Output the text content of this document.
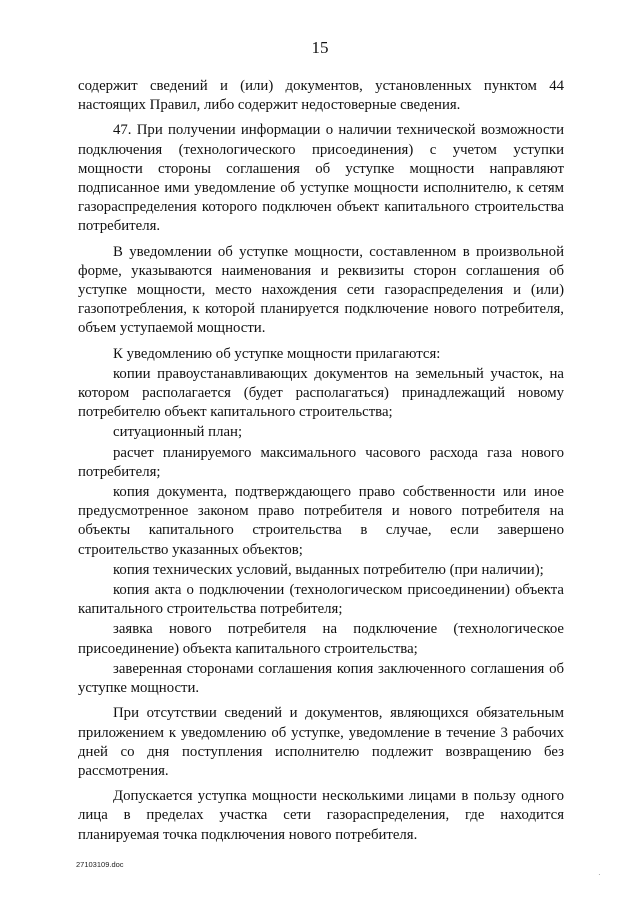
15

содержит сведений и (или) документов, установленных пунктом 44 настоящих Правил, либо содержит недостоверные сведения.

47. При получении информации о наличии технической возможности подключения (технологического присоединения) с учетом уступки мощности стороны соглашения об уступке мощности направляют подписанное ими уведомление об уступке мощности исполнителю, к сетям газораспределения которого подключен объект капитального строительства потребителя.

В уведомлении об уступке мощности, составленном в произвольной форме, указываются наименования и реквизиты сторон соглашения об уступке мощности, место нахождения сети газораспределения и (или) газопотребления, к которой планируется подключение нового потребителя, объем уступаемой мощности.

К уведомлению об уступке мощности прилагаются:

копии правоустанавливающих документов на земельный участок, на котором располагается (будет располагаться) принадлежащий новому потребителю объект капитального строительства;

ситуационный план;

расчет планируемого максимального часового расхода газа нового потребителя;

копия документа, подтверждающего право собственности или иное предусмотренное законом право потребителя и нового потребителя на объекты капитального строительства в случае, если завершено строительство указанных объектов;

копия технических условий, выданных потребителю (при наличии);

копия акта о подключении (технологическом присоединении) объекта капитального строительства потребителя;

заявка нового потребителя на подключение (технологическое присоединение) объекта капитального строительства;

заверенная сторонами соглашения копия заключенного соглашения об уступке мощности.

При отсутствии сведений и документов, являющихся обязательным приложением к уведомлению об уступке, уведомление в течение 3 рабочих дней со дня поступления исполнителю подлежит возвращению без рассмотрения.

Допускается уступка мощности несколькими лицами в пользу одного лица в пределах участка сети газораспределения, где находится планируемая точка подключения нового потребителя.

27103109.doc
·
